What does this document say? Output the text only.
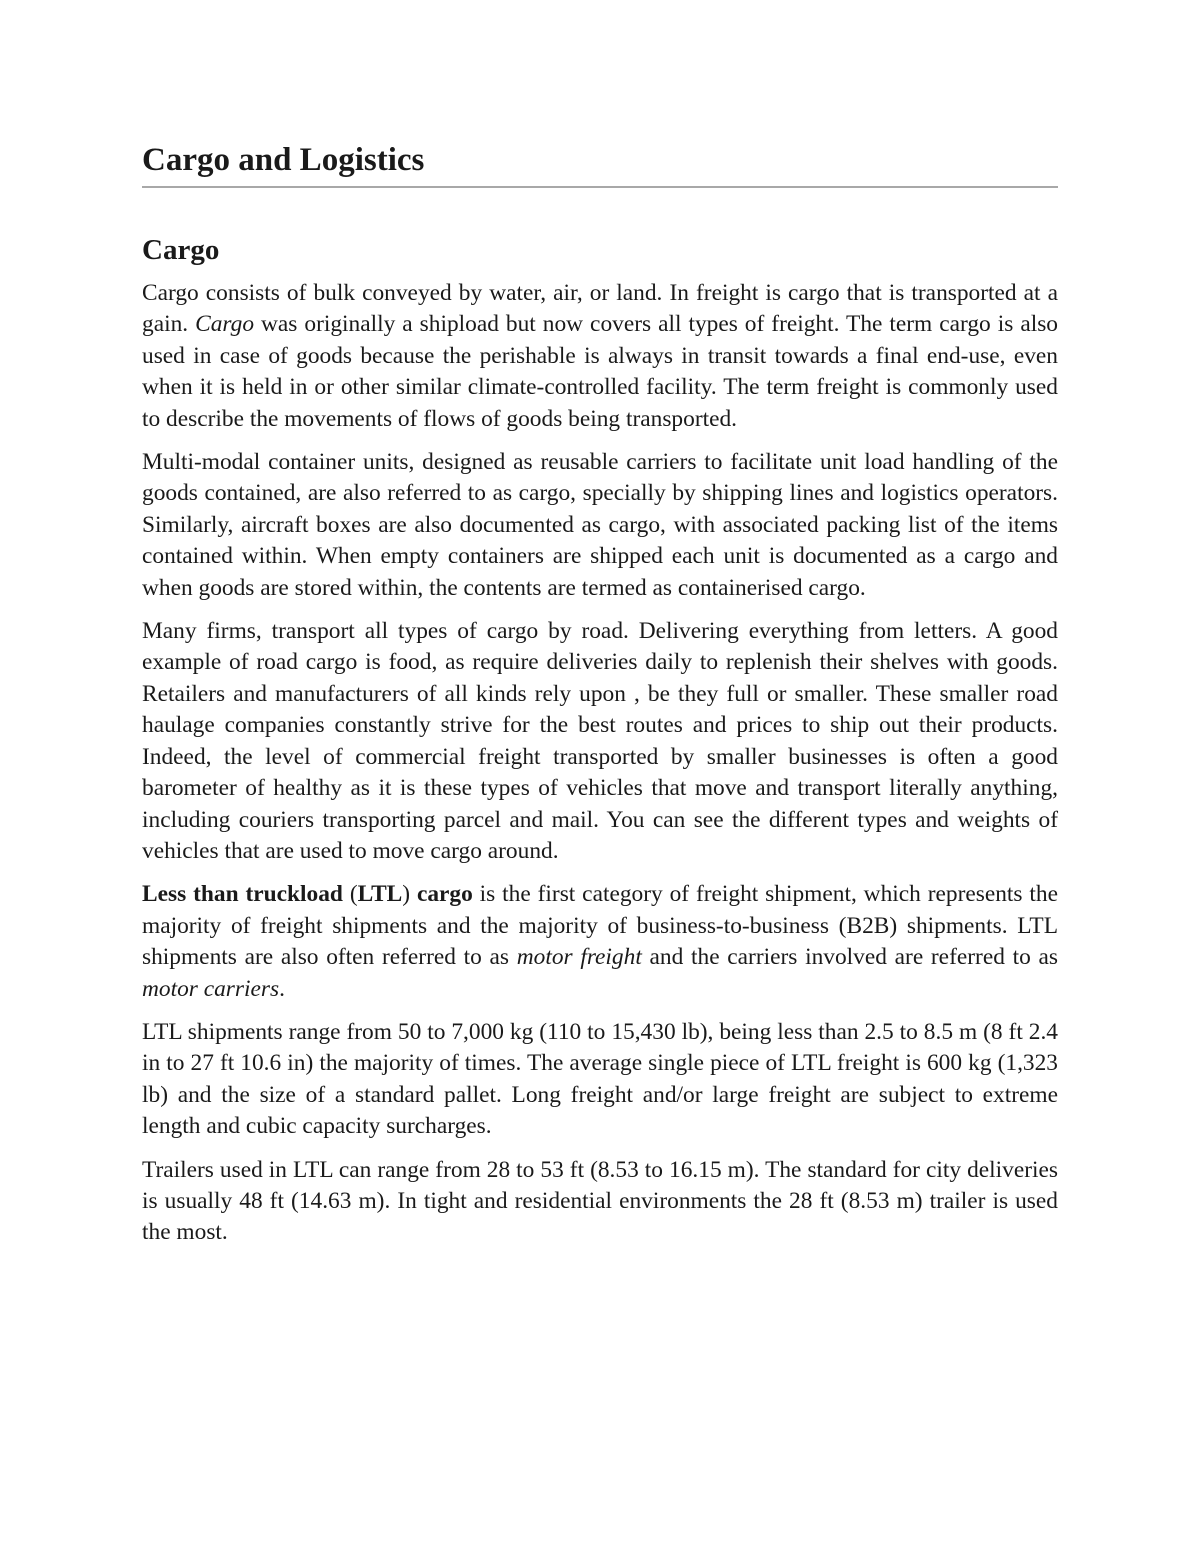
Cargo and Logistics
Cargo

Cargo consists of bulk conveyed by water, air, or land. In freight is cargo that is transported at a gain. Cargo was originally a shipload but now covers all types of freight. The term cargo is also used in case of goods because the perishable is always in transit towards a final end-use, even when it is held in or other similar climate-controlled facility. The term freight is commonly used to describe the movements of flows of goods being transported.

Multi-modal container units, designed as reusable carriers to facilitate unit load handling of the goods contained, are also referred to as cargo, specially by shipping lines and logistics operators. Similarly, aircraft boxes are also documented as cargo, with associated packing list of the items contained within. When empty containers are shipped each unit is documented as a cargo and when goods are stored within, the contents are termed as containerised cargo.

Many firms, transport all types of cargo by road. Delivering everything from letters. A good example of road cargo is food, as require deliveries daily to replenish their shelves with goods. Retailers and manufacturers of all kinds rely upon , be they full or smaller. These smaller road haulage companies constantly strive for the best routes and prices to ship out their products. Indeed, the level of commercial freight transported by smaller businesses is often a good barometer of healthy as it is these types of vehicles that move and transport literally anything, including couriers transporting parcel and mail. You can see the different types and weights of vehicles that are used to move cargo around.

Less than truckload (LTL) cargo is the first category of freight shipment, which represents the majority of freight shipments and the majority of business-to-business (B2B) shipments. LTL shipments are also often referred to as motor freight and the carriers involved are referred to as motor carriers.

LTL shipments range from 50 to 7,000 kg (110 to 15,430 lb), being less than 2.5 to 8.5 m (8 ft 2.4 in to 27 ft 10.6 in) the majority of times. The average single piece of LTL freight is 600 kg (1,323 lb) and the size of a standard pallet. Long freight and/or large freight are subject to extreme length and cubic capacity surcharges.

Trailers used in LTL can range from 28 to 53 ft (8.53 to 16.15 m). The standard for city deliveries is usually 48 ft (14.63 m). In tight and residential environments the 28 ft (8.53 m) trailer is used the most.
